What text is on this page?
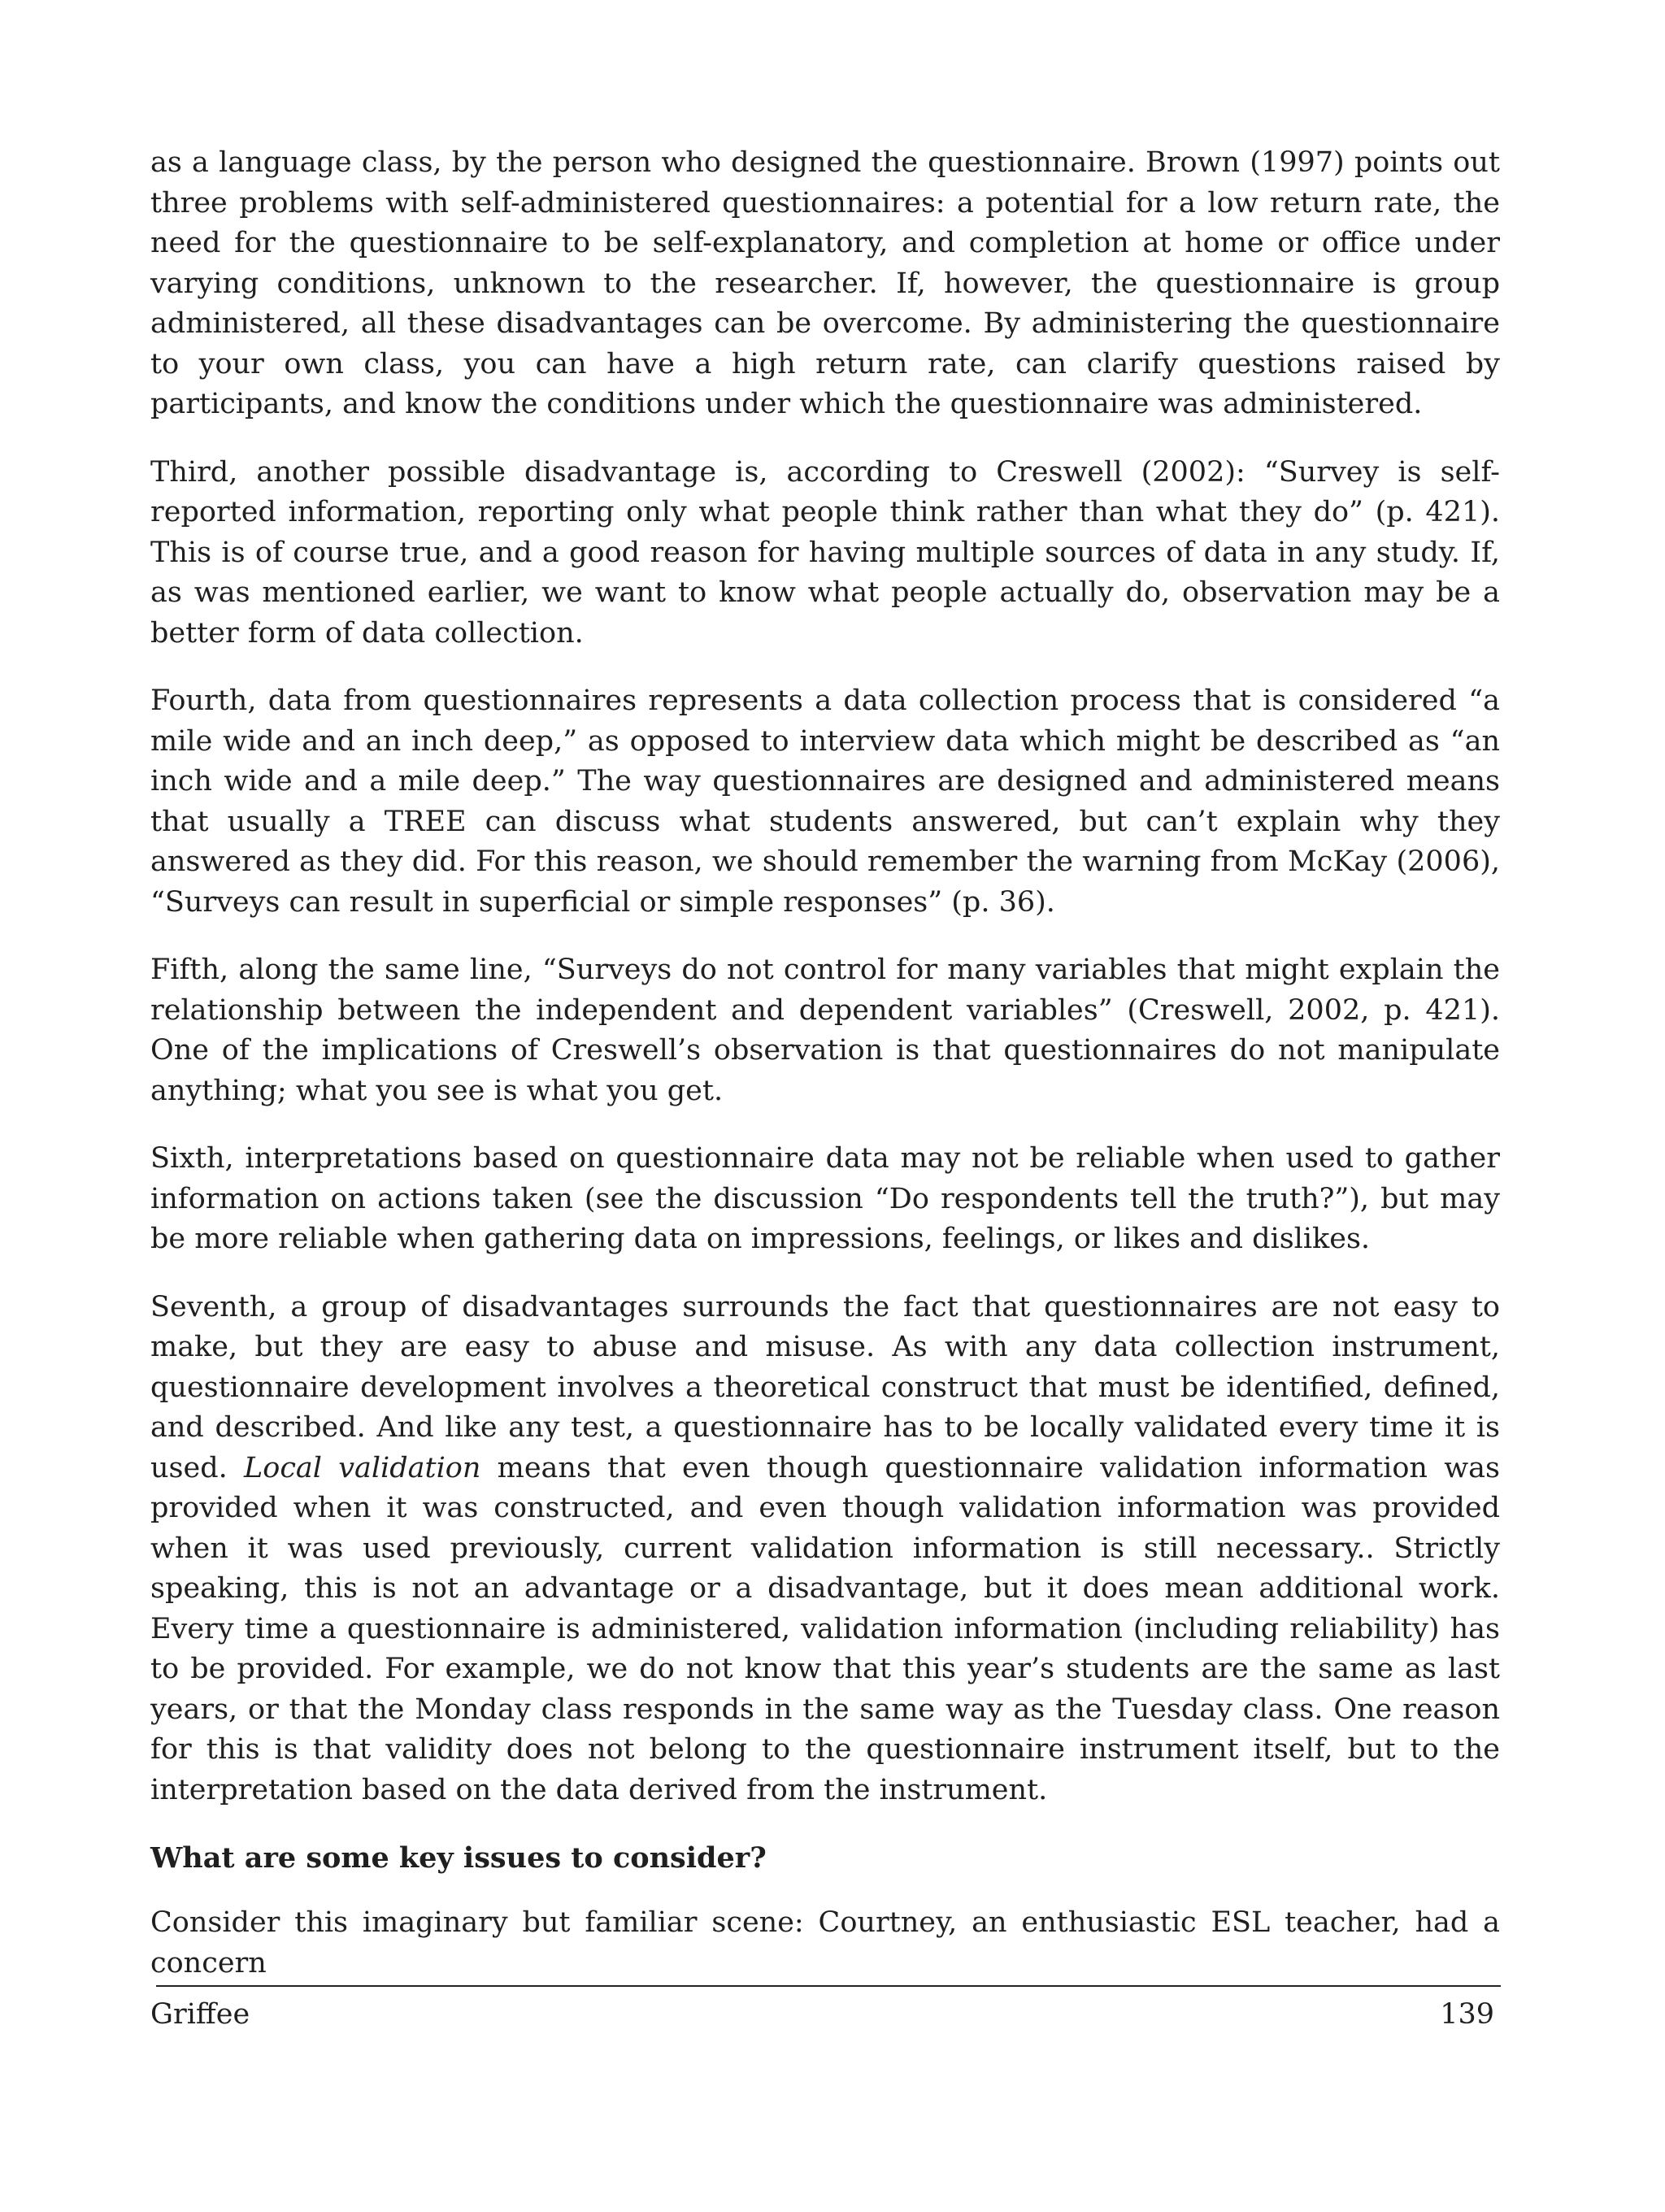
as a language class, by the person who designed the questionnaire. Brown (1997) points out three problems with self-administered questionnaires: a potential for a low return rate, the need for the questionnaire to be self-explanatory, and completion at home or office under varying conditions, unknown to the researcher. If, however, the questionnaire is group administered, all these disadvantages can be overcome. By administering the questionnaire to your own class, you can have a high return rate, can clarify questions raised by participants, and know the conditions under which the questionnaire was administered.

Third, another possible disadvantage is, according to Creswell (2002): “Survey is self-reported information, reporting only what people think rather than what they do” (p. 421). This is of course true, and a good reason for having multiple sources of data in any study. If, as was mentioned earlier, we want to know what people actually do, observation may be a better form of data collection.

Fourth, data from questionnaires represents a data collection process that is considered “a mile wide and an inch deep,” as opposed to interview data which might be described as “an inch wide and a mile deep.” The way questionnaires are designed and administered means that usually a TREE can discuss what students answered, but can’t explain why they answered as they did. For this reason, we should remember the warning from McKay (2006), “Surveys can result in superficial or simple responses” (p. 36).

Fifth, along the same line, “Surveys do not control for many variables that might explain the relationship between the independent and dependent variables” (Creswell, 2002, p. 421). One of the implications of Creswell’s observation is that questionnaires do not manipulate anything; what you see is what you get.

Sixth, interpretations based on questionnaire data may not be reliable when used to gather information on actions taken (see the discussion “Do respondents tell the truth?”), but may be more reliable when gathering data on impressions, feelings, or likes and dislikes.

Seventh, a group of disadvantages surrounds the fact that questionnaires are not easy to make, but they are easy to abuse and misuse. As with any data collection instrument, questionnaire development involves a theoretical construct that must be identified, defined, and described. And like any test, a questionnaire has to be locally validated every time it is used. Local validation means that even though questionnaire validation information was provided when it was constructed, and even though validation information was provided when it was used previously, current validation information is still necessary.. Strictly speaking, this is not an advantage or a disadvantage, but it does mean additional work. Every time a questionnaire is administered, validation information (including reliability) has to be provided. For example, we do not know that this year’s students are the same as last years, or that the Monday class responds in the same way as the Tuesday class. One reason for this is that validity does not belong to the questionnaire instrument itself, but to the interpretation based on the data derived from the instrument.

What are some key issues to consider?

Consider this imaginary but familiar scene: Courtney, an enthusiastic ESL teacher, had a concern

Griffee	139
